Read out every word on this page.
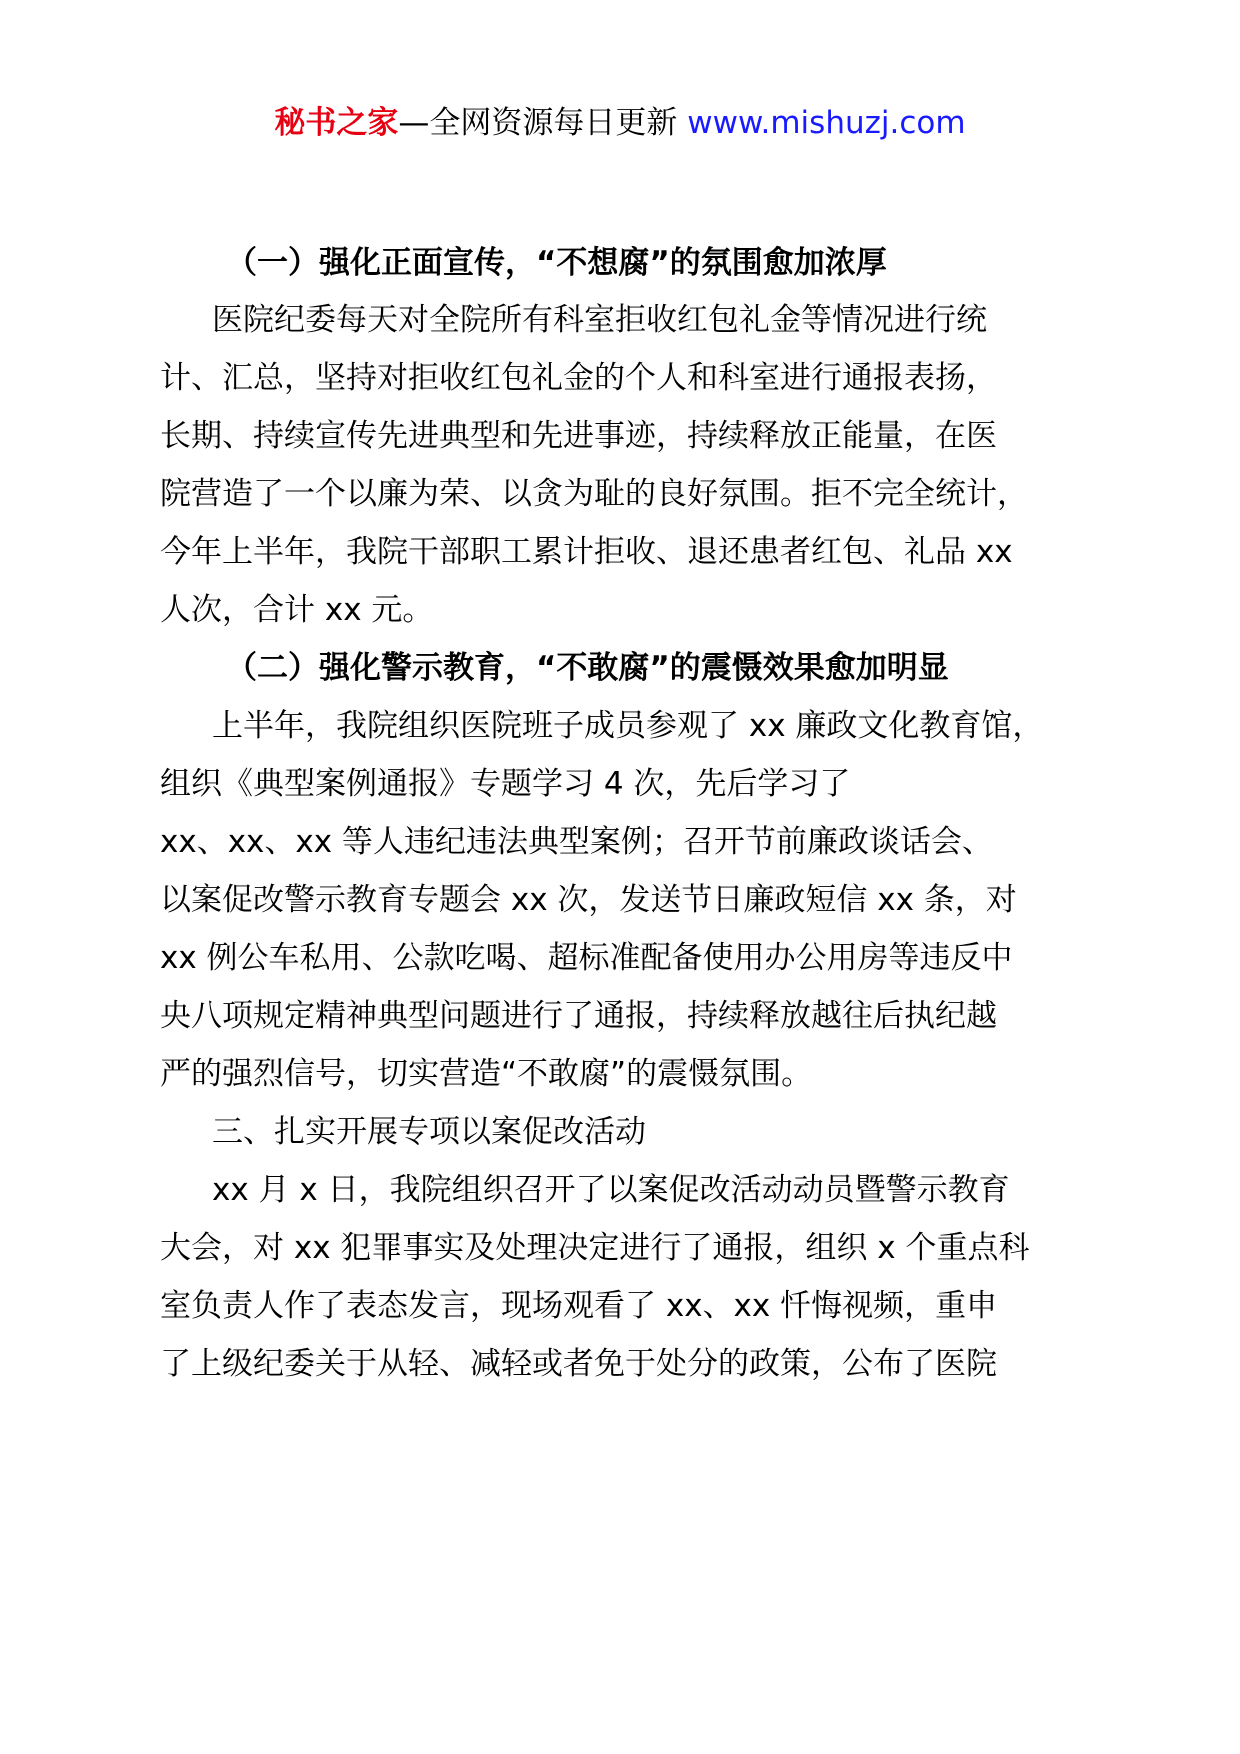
秘书之家—全网资源每日更新 www.mishuzj.com
（一）强化正面宣传，“不想腐”的氛围愈加浓厚
医院纪委每天对全院所有科室拒收红包礼金等情况进行统
计、汇总，坚持对拒收红包礼金的个人和科室进行通报表扬，
长期、持续宣传先进典型和先进事迹，持续释放正能量，在医
院营造了一个以廉为荣、以贪为耻的良好氛围。拒不完全统计，
今年上半年，我院干部职工累计拒收、退还患者红包、礼品 xx
人次，合计 xx 元。
（二）强化警示教育，“不敢腐”的震慑效果愈加明显
上半年，我院组织医院班子成员参观了 xx 廉政文化教育馆，
组织《典型案例通报》专题学习 4 次，先后学习了
xx、xx、xx 等人违纪违法典型案例；召开节前廉政谈话会、
以案促改警示教育专题会 xx 次，发送节日廉政短信 xx 条，对
xx 例公车私用、公款吃喝、超标准配备使用办公用房等违反中
央八项规定精神典型问题进行了通报，持续释放越往后执纪越
严的强烈信号，切实营造“不敢腐”的震慑氛围。
三、扎实开展专项以案促改活动
xx 月 x 日，我院组织召开了以案促改活动动员暨警示教育
大会，对 xx 犯罪事实及处理决定进行了通报，组织 x 个重点科
室负责人作了表态发言，现场观看了 xx、xx 忏悔视频，重申
了上级纪委关于从轻、减轻或者免于处分的政策，公布了医院
